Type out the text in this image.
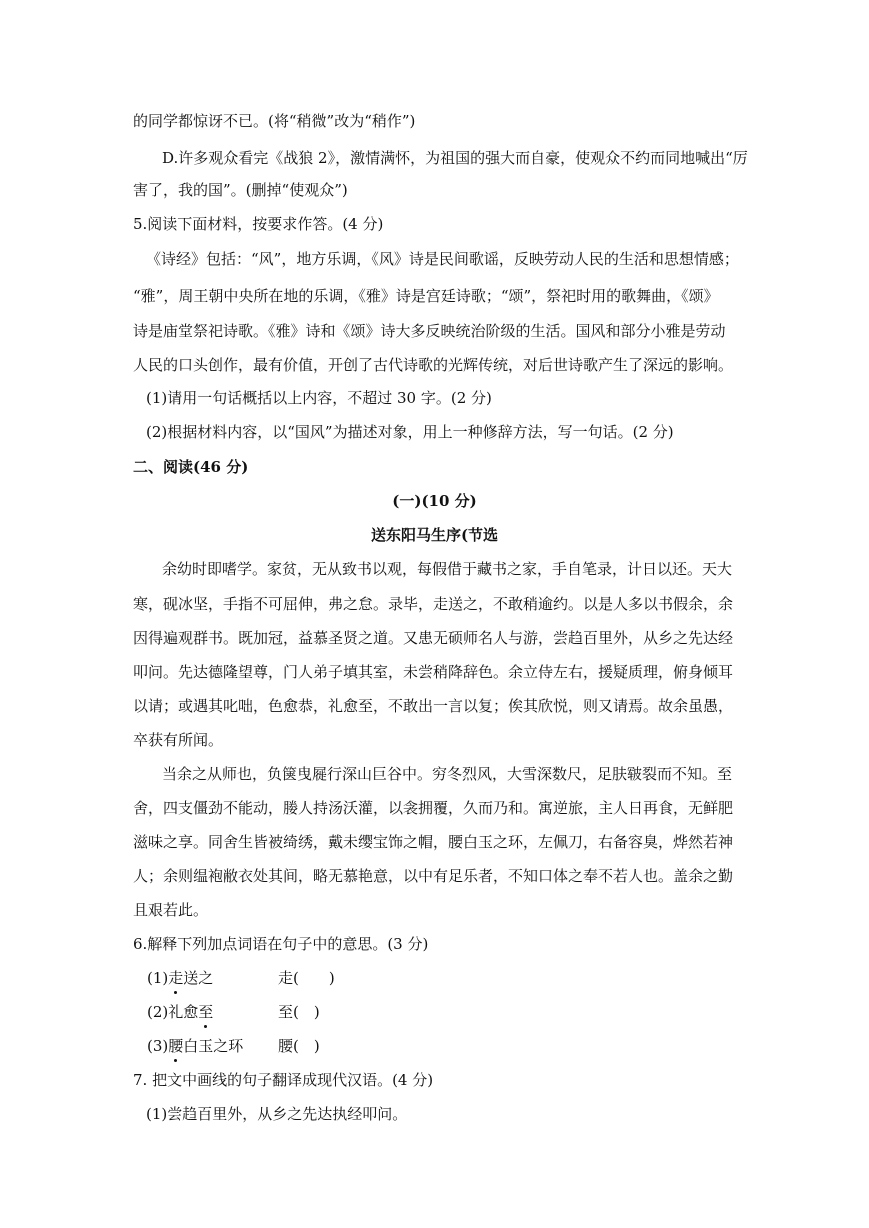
的同学都惊讶不已。(将“稍微”改为“稍作”)
D.许多观众看完《战狼 2》，激情满怀，为祖国的强大而自豪，使观众不约而同地喊出“厉
害了，我的国”。(删掉“使观众”)
5.阅读下面材料，按要求作答。(4 分)
《诗经》包括：“风”，地方乐调，《风》诗是民间歌谣，反映劳动人民的生活和思想情感；
“雅”，周王朝中央所在地的乐调，《雅》诗是宫廷诗歌；“颂”，祭祀时用的歌舞曲，《颂》
诗是庙堂祭祀诗歌。《雅》诗和《颂》诗大多反映统治阶级的生活。国风和部分小雅是劳动
人民的口头创作，最有价值，开创了古代诗歌的光辉传统，对后世诗歌产生了深远的影响。
(1)请用一句话概括以上内容，不超过 30 字。(2 分)
(2)根据材料内容，以“国风”为描述对象，用上一种修辞方法，写一句话。(2 分)
二、阅读(46 分)
(一)(10 分)
送东阳马生序(节选
余幼时即嗜学。家贫，无从致书以观，每假借于藏书之家，手自笔录，计日以还。天大
寒，砚冰坚，手指不可屈伸，弗之怠。录毕，走送之，不敢稍逾约。以是人多以书假余，余
因得遍观群书。既加冠，益慕圣贤之道。又患无硕师名人与游，尝趋百里外，从乡之先达经
叩问。先达德隆望尊，门人弟子填其室，未尝稍降辞色。余立侍左右，援疑质理，俯身倾耳
以请；或遇其叱咄，色愈恭，礼愈至，不敢出一言以复；俟其欣悦，则又请焉。故余虽愚，
卒获有所闻。
当余之从师也，负箧曳屣行深山巨谷中。穷冬烈风，大雪深数尺，足肤皲裂而不知。至
舍，四支僵劲不能动，媵人持汤沃灌，以衾拥覆，久而乃和。寓逆旅，主人日再食，无鲜肥
滋味之享。同舍生皆被绮绣，戴未缨宝饰之帽，腰白玉之环，左佩刀，右备容臭，烨然若神
人；余则缊袍敝衣处其间，略无慕艳意，以中有足乐者，不知口体之奉不若人也。盖余之勤
且艰若此。
6.解释下列加点词语在句子中的意思。(3 分)
(1)走送之	走(　　)
(2)礼愈至	至(　)
(3)腰白玉之环 腰(　)
7. 把文中画线的句子翻译成现代汉语。(4 分)
(1)尝趋百里外，从乡之先达执经叩问。
